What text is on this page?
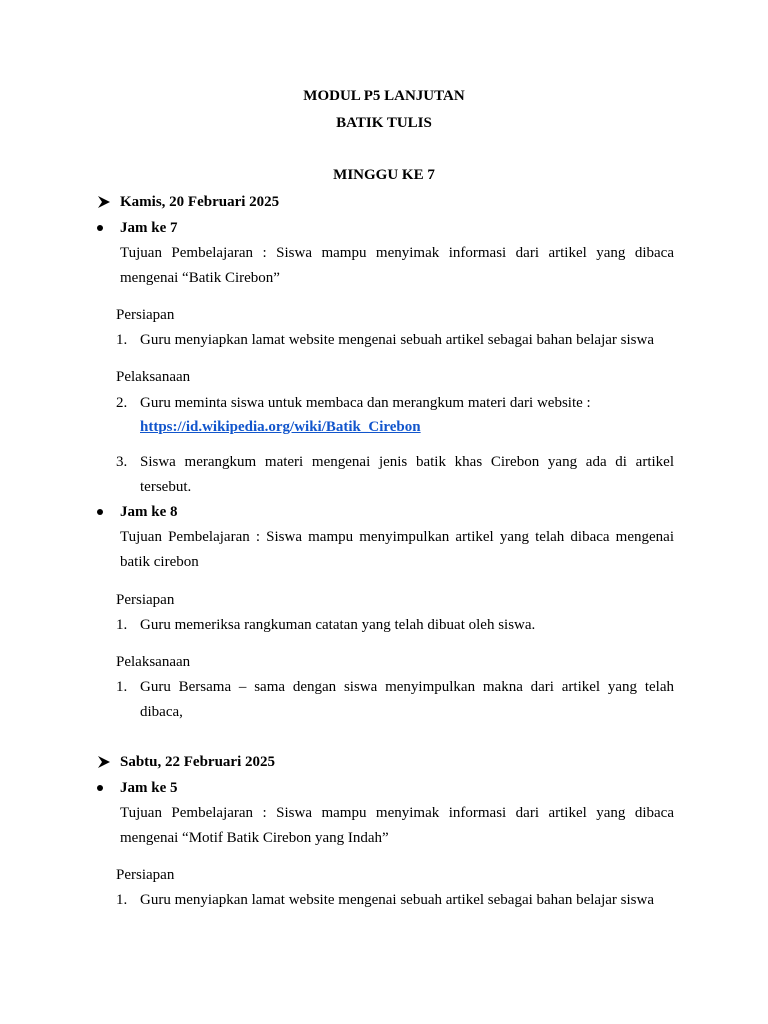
MODUL P5 LANJUTAN
BATIK TULIS
MINGGU KE 7
Kamis, 20 Februari 2025
Jam ke 7
Tujuan Pembelajaran : Siswa mampu menyimak informasi dari artikel yang dibaca
mengenai “Batik Cirebon”
Persiapan
1. Guru menyiapkan lamat website mengenai sebuah artikel sebagai bahan belajar siswa
Pelaksanaan
2. Guru meminta siswa untuk membaca dan merangkum materi dari website :
https://id.wikipedia.org/wiki/Batik_Cirebon
3. Siswa merangkum materi mengenai jenis batik khas Cirebon yang ada di artikel
tersebut.
Jam ke 8
Tujuan Pembelajaran : Siswa mampu menyimpulkan artikel yang telah dibaca mengenai
batik cirebon
Persiapan
1. Guru memeriksa rangkuman catatan yang telah dibuat oleh siswa.
Pelaksanaan
1. Guru Bersama – sama dengan siswa menyimpulkan makna dari artikel yang telah
dibaca,
Sabtu, 22 Februari 2025
Jam ke 5
Tujuan Pembelajaran : Siswa mampu menyimak informasi dari artikel yang dibaca
mengenai “Motif Batik Cirebon yang Indah”
Persiapan
1. Guru menyiapkan lamat website mengenai sebuah artikel sebagai bahan belajar siswa
